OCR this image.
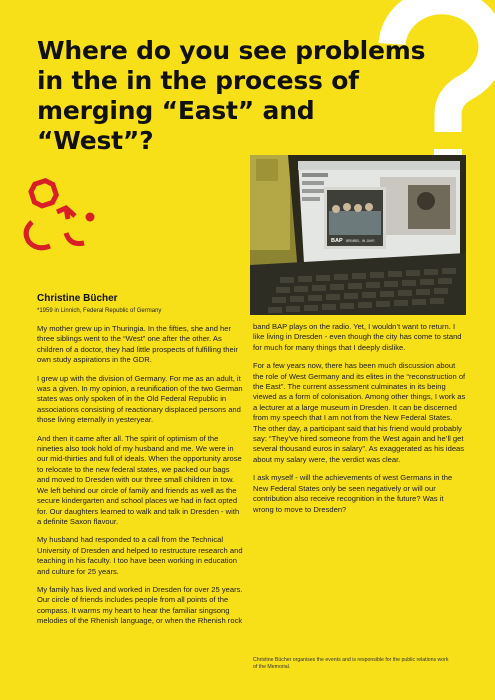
Where do you see problems in the in the process of merging “East” and “West”?
BAP BRIMBEL. IM JAHR
Christine Bücher

*1959 in Linnich, Federal Republic of Germany

My mother grew up in Thuringia. In the fifties, she and her three siblings went to the “West” one after the other. As children of a doctor, they had little prospects of fulfilling their own study aspirations in the GDR.

I grew up with the division of Germany. For me as an adult, it was a given. In my opinion, a reunification of the two German states was only spoken of in the Old Federal Republic in associations consisting of reactionary displaced persons and those living eternally in yesteryear.

And then it came after all. The spirit of optimism of the nineties also took hold of my husband and me. We were in our mid-thirties and full of ideals. When the opportunity arose to relocate to the new federal states, we packed our bags and moved to Dresden with our three small children in tow. We left behind our circle of family and friends as well as the secure kindergarten and school places we had in fact opted for. Our daughters learned to walk and talk in Dresden - with a definite Saxon flavour.

My husband had responded to a call from the Technical University of Dresden and helped to restructure research and teaching in his faculty. I too have been working in education and culture for 25 years.

My family has lived and worked in Dresden for over 25 years. Our circle of friends includes people from all points of the compass. It warms my heart to hear the familiar singsong melodies of the Rhenish language, or when the Rhenish rock

band BAP plays on the radio. Yet, I wouldn’t want to return. I like living in Dresden - even though the city has come to stand for much for many things that I deeply dislike.

For a few years now, there has been much discussion about the role of West Germany and its elites in the “reconstruction of the East”. The current assessment culminates in its being viewed as a form of colonisation. Among other things, I work as a lecturer at a large museum in Dresden. It can be discerned from my speech that I am not from the New Federal States. The other day, a participant said that his friend would probably say: “They’ve hired someone from the West again and he’ll get several thousand euros in salary”. As exaggerated as his ideas about my salary were, the verdict was clear.

I ask myself - will the achievements of west Germans in the New Federal States only be seen negatively or will our contribution also receive recognition in the future? Was it wrong to move to Dresden?

Christine Bücher organises the events and is responsible for the public relations work of the Memorial.
